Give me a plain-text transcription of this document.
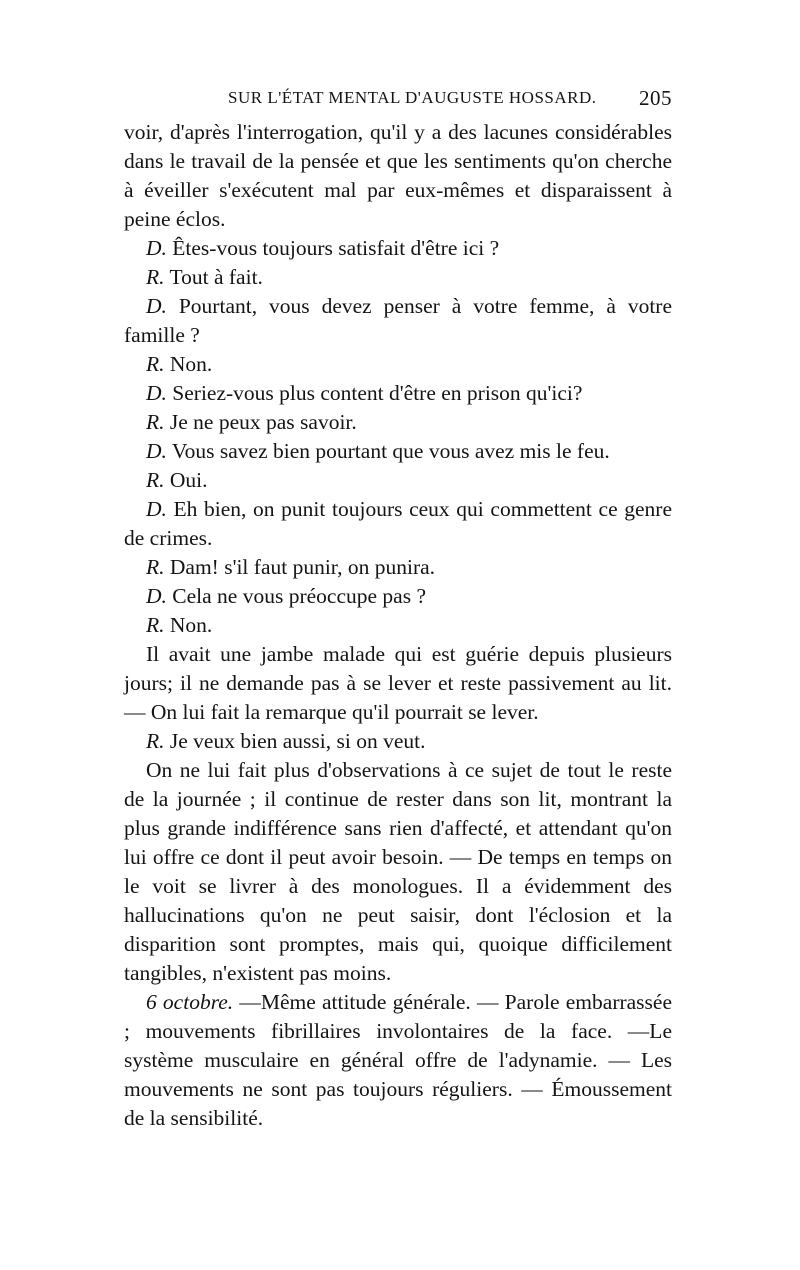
SUR L'ÉTAT MENTAL D'AUGUSTE HOSSARD. 205

voir, d'après l'interrogation, qu'il y a des lacunes considérables dans le travail de la pensée et que les sentiments qu'on cherche à éveiller s'exécutent mal par eux-mêmes et disparaissent à peine éclos.

D. Êtes-vous toujours satisfait d'être ici ?

R. Tout à fait.

D. Pourtant, vous devez penser à votre femme, à votre famille ?

R. Non.

D. Seriez-vous plus content d'être en prison qu'ici?

R. Je ne peux pas savoir.

D. Vous savez bien pourtant que vous avez mis le feu.

R. Oui.

D. Eh bien, on punit toujours ceux qui commettent ce genre de crimes.

R. Dam! s'il faut punir, on punira.

D. Cela ne vous préoccupe pas ?

R. Non.

Il avait une jambe malade qui est guérie depuis plusieurs jours; il ne demande pas à se lever et reste passivement au lit. — On lui fait la remarque qu'il pourrait se lever.

R. Je veux bien aussi, si on veut.

On ne lui fait plus d'observations à ce sujet de tout le reste de la journée ; il continue de rester dans son lit, montrant la plus grande indifférence sans rien d'affecté, et attendant qu'on lui offre ce dont il peut avoir besoin. — De temps en temps on le voit se livrer à des monologues. Il a évidemment des hallucinations qu'on ne peut saisir, dont l'éclosion et la disparition sont promptes, mais qui, quoique difficilement tangibles, n'existent pas moins.

6 octobre. —Même attitude générale. — Parole embarrassée ; mouvements fibrillaires involontaires de la face. —Le système musculaire en général offre de l'adynamie. — Les mouvements ne sont pas toujours réguliers. — Émoussement de la sensibilité.
